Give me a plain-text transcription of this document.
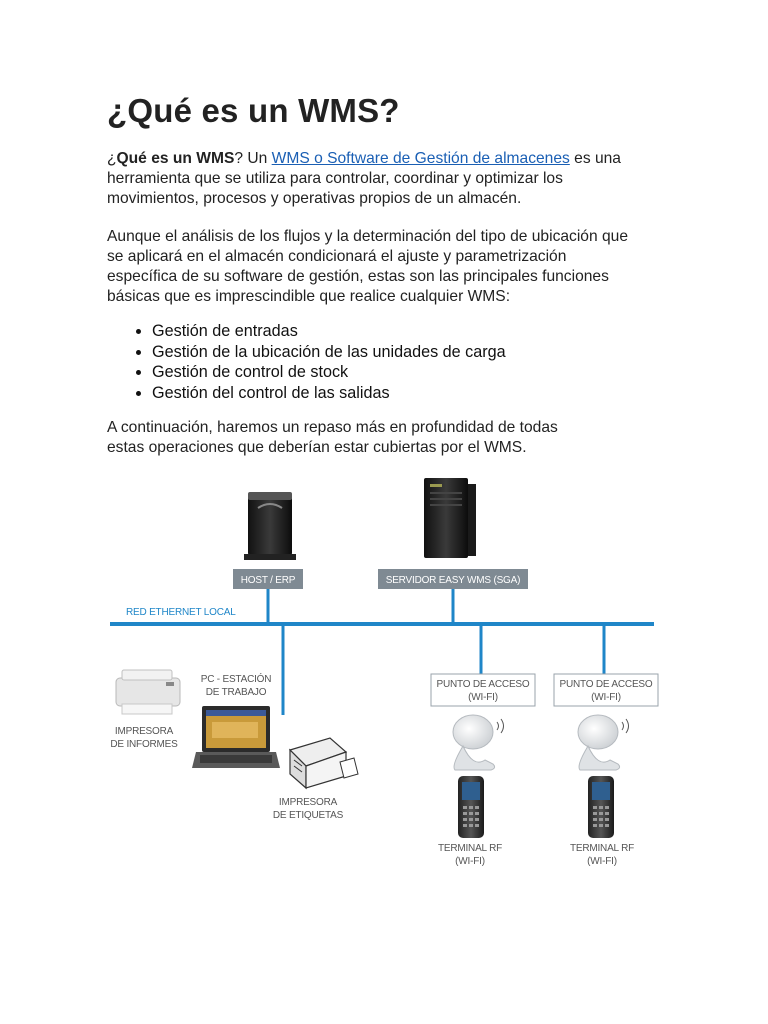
¿Qué es un WMS?

¿Qué es un WMS? Un WMS o Software de Gestión de almacenes es una
herramienta que se utiliza para controlar, coordinar y optimizar los
movimientos, procesos y operativas propios de un almacén.

Aunque el análisis de los flujos y la determinación del tipo de ubicación que
se aplicará en el almacén condicionará el ajuste y parametrización
específica de su software de gestión, estas son las principales funciones
básicas que es imprescindible que realice cualquier WMS:

• Gestión de entradas
• Gestión de la ubicación de las unidades de carga
• Gestión de control de stock
• Gestión del control de las salidas

A continuación, haremos un repaso más en profundidad de todas
estas operaciones que deberían estar cubiertas por el WMS.

HOST / ERP	SERVIDOR EASY WMS (SGA)
RED ETHERNET LOCAL
IMPRESORA
DE INFORMES
PC - ESTACIÓN
DE TRABAJO
IMPRESORA
DE ETIQUETAS
PUNTO DE ACCESO
(WI-FI)
PUNTO DE ACCESO
(WI-FI)
TERMINAL RF
(WI-FI)
TERMINAL RF
(WI-FI)
